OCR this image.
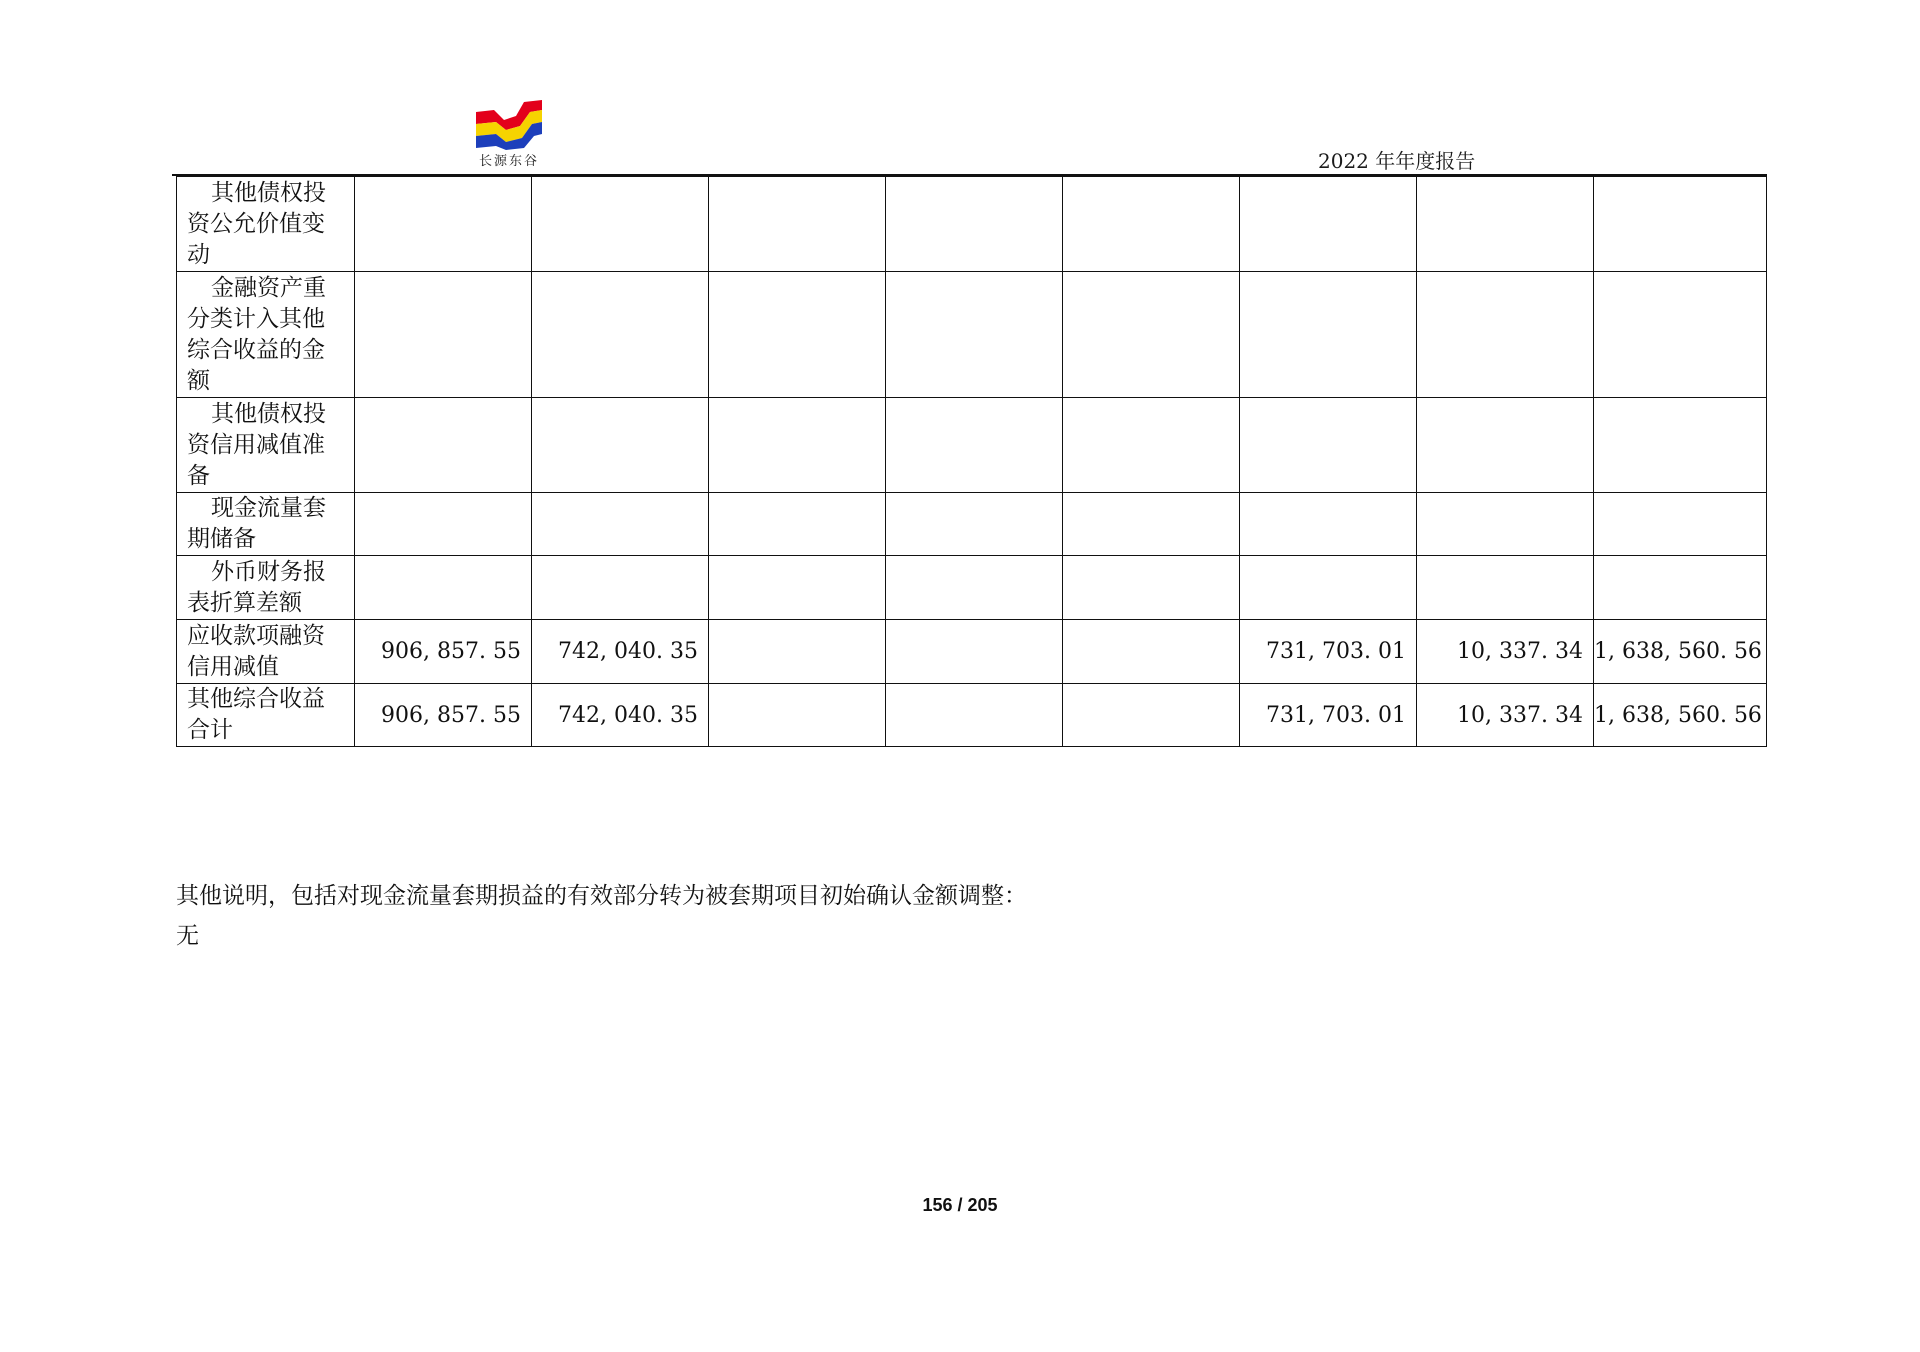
长源东谷	2022 年年度报告
其他债权投资公允价值变动								
金融资产重分类计入其他综合收益的金额								
其他债权投资信用减值准备								
现金流量套期储备								
外币财务报表折算差额								
应收款项融资信用减值	906, 857. 55	742, 040. 35				731, 703. 01	10, 337. 34	1, 638, 560. 56
其他综合收益合计	906, 857. 55	742, 040. 35				731, 703. 01	10, 337. 34	1, 638, 560. 56
其他说明，包括对现金流量套期损益的有效部分转为被套期项目初始确认金额调整：
无
156 / 205
